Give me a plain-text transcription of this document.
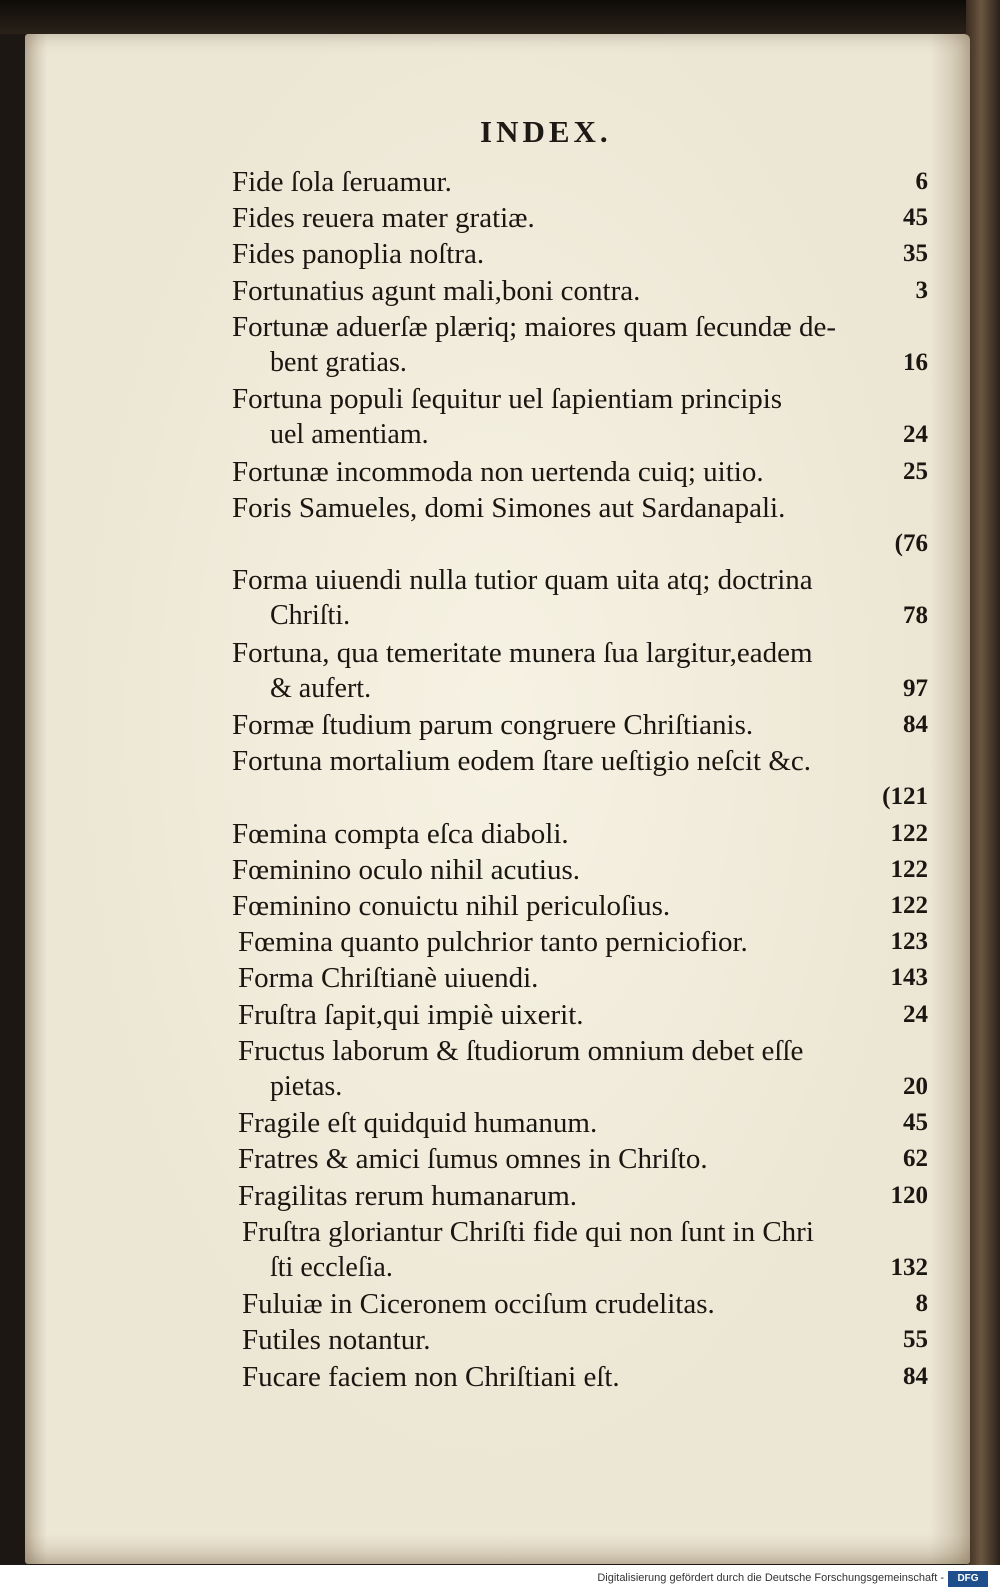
INDEX.
Fide ſola ſeruamur.	6
Fides reuera mater gratiæ.	45
Fides panoplia noſtra.	35
Fortunatius agunt mali,boni contra.	3
Fortunæ aduerſæ plæriq; maiores quam ſecundæ de-
bent gratias.	16
Fortuna populi ſequitur uel ſapientiam principis
uel amentiam.	24
Fortunæ incommoda non uertenda cuiq; uitio.	25
Foris Samueles, domi Simones aut Sardanapali.
(76
Forma uiuendi nulla tutior quam uita atq; doctrina
Chriſti.	78
Fortuna, qua temeritate munera ſua largitur,eadem
& aufert.	97
Formæ ſtudium parum congruere Chriſtianis.	84
Fortuna mortalium eodem ſtare ueſtigio neſcit &c.
(121
Fœmina compta eſca diaboli.	122
Fœminino oculo nihil acutius.	122
Fœminino conuictu nihil periculoſius.	122
Fœmina quanto pulchrior tanto perniciofior.	123
Forma Chriſtianè uiuendi.	143
Fruſtra ſapit,qui impiè uixerit.	24
Fructus laborum & ſtudiorum omnium debet eſſe
pietas.	20
Fragile eſt quidquid humanum.	45
Fratres & amici ſumus omnes in Chriſto.	62
Fragilitas rerum humanarum.	120
Fruſtra gloriantur Chriſti fide qui non ſunt in Chri
ſti eccleſia.	132
Fuluiæ in Ciceronem occiſum crudelitas.	8
Futiles notantur.	55
Fucare faciem non Chriſtiani eſt.	84
Digitalisierung gefördert durch die Deutsche Forschungsgemeinschaft -	DFG
